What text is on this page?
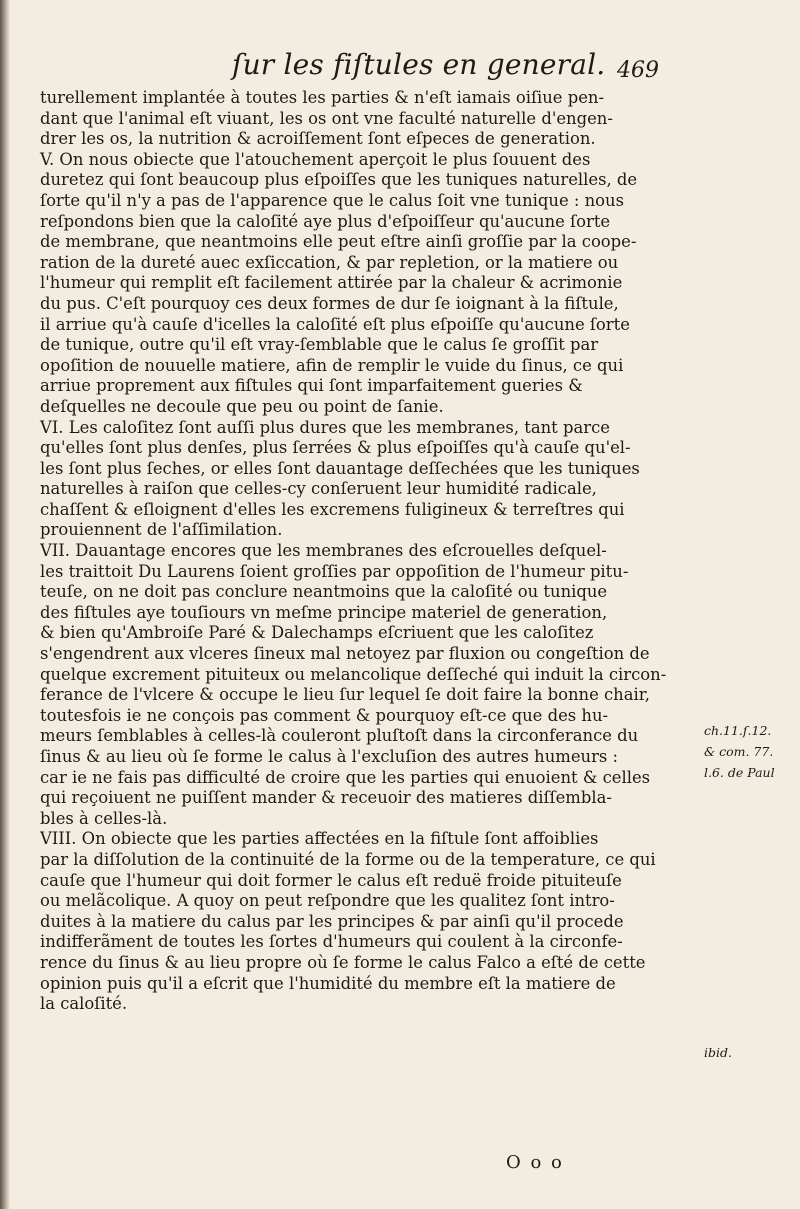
ſur les fiſtules en general. 469
turellement implantée à toutes les parties & n'eſt iamais oiſiue pen-
dant que l'animal eſt viuant, les os ont vne faculté naturelle d'engen-
drer les os, la nutrition & acroiſſement ſont eſpeces de generation.
V. On nous obiecte que l'atouchement aperçoit le plus ſouuent des
duretez qui ſont beaucoup plus eſpoiſſes que les tuniques naturelles, de
ſorte qu'il n'y a pas de l'apparence que le calus ſoit vne tunique : nous
reſpondons bien que la caloſité aye plus d'eſpoiſſeur qu'aucune ſorte
de membrane, que neantmoins elle peut eſtre ainſi groſſie par la coope-
ration de la dureté auec exſiccation, & par repletion, or la matiere ou
l'humeur qui remplit eſt facilement attirée par la chaleur & acrimonie
du pus. C'eſt pourquoy ces deux formes de dur ſe ioignant à la fiſtule,
il arriue qu'à cauſe d'icelles la caloſité eſt plus eſpoiſſe qu'aucune ſorte
de tunique, outre qu'il eſt vray-ſemblable que le calus ſe groſſit par
opoſition de nouuelle matiere, afin de remplir le vuide du ſinus, ce qui
arriue proprement aux fiſtules qui ſont imparfaitement gueries &
deſquelles ne decoule que peu ou point de ſanie.
VI. Les caloſitez ſont auſſi plus dures que les membranes, tant parce
qu'elles ſont plus denſes, plus ſerrées & plus eſpoiſſes qu'à cauſe qu'el-
les ſont plus ſeches, or elles ſont dauantage deſſechées que les tuniques
naturelles à raiſon que celles-cy conſeruent leur humidité radicale,
chaſſent & eſloignent d'elles les excremens fuligineux & terreſtres qui
prouiennent de l'aſſimilation.
VII. Dauantage encores que les membranes des eſcrouelles deſquel-
les traittoit Du Laurens ſoient groſſies par oppoſition de l'humeur pitu-
teuſe, on ne doit pas conclure neantmoins que la caloſité ou tunique
des fiſtules aye touſiours vn meſme principe materiel de generation,
& bien qu'Ambroiſe Paré & Dalechamps eſcriuent que les caloſitez
s'engendrent aux vlceres ſineux mal netoyez par fluxion ou congeſtion de
quelque excrement pituiteux ou melancolique deſſeché qui induit la circon-
ferance de l'vlcere & occupe le lieu ſur lequel ſe doit faire la bonne chair,
toutesfois ie ne conçois pas comment & pourquoy eſt-ce que des hu-
meurs ſemblables à celles-là couleront pluſtoſt dans la circonferance du
ſinus & au lieu où ſe forme le calus à l'excluſion des autres humeurs :
car ie ne fais pas difficulté de croire que les parties qui enuoient & celles
qui reçoiuent ne puiſſent mander & receuoir des matieres diſſembla-
bles à celles-là.
VIII. On obiecte que les parties affectées en la fiſtule ſont affoiblies
par la diſſolution de la continuité de la forme ou de la temperature, ce qui
cauſe que l'humeur qui doit former le calus eſt reduë froide pituiteuſe
ou melãcolique. A quoy on peut reſpondre que les qualitez ſont intro-
duites à la matiere du calus par les principes & par ainſi qu'il procede
indifferãment de toutes les ſortes d'humeurs qui coulent à la circonfe-
rence du ſinus & au lieu propre où ſe forme le calus Falco a eſté de cette
opinion puis qu'il a eſcrit que l'humidité du membre eſt la matiere de
la caloſité.
ch.11.ſ.12.
& com. 77.
l.6. de Paul
ibid.
O o o
